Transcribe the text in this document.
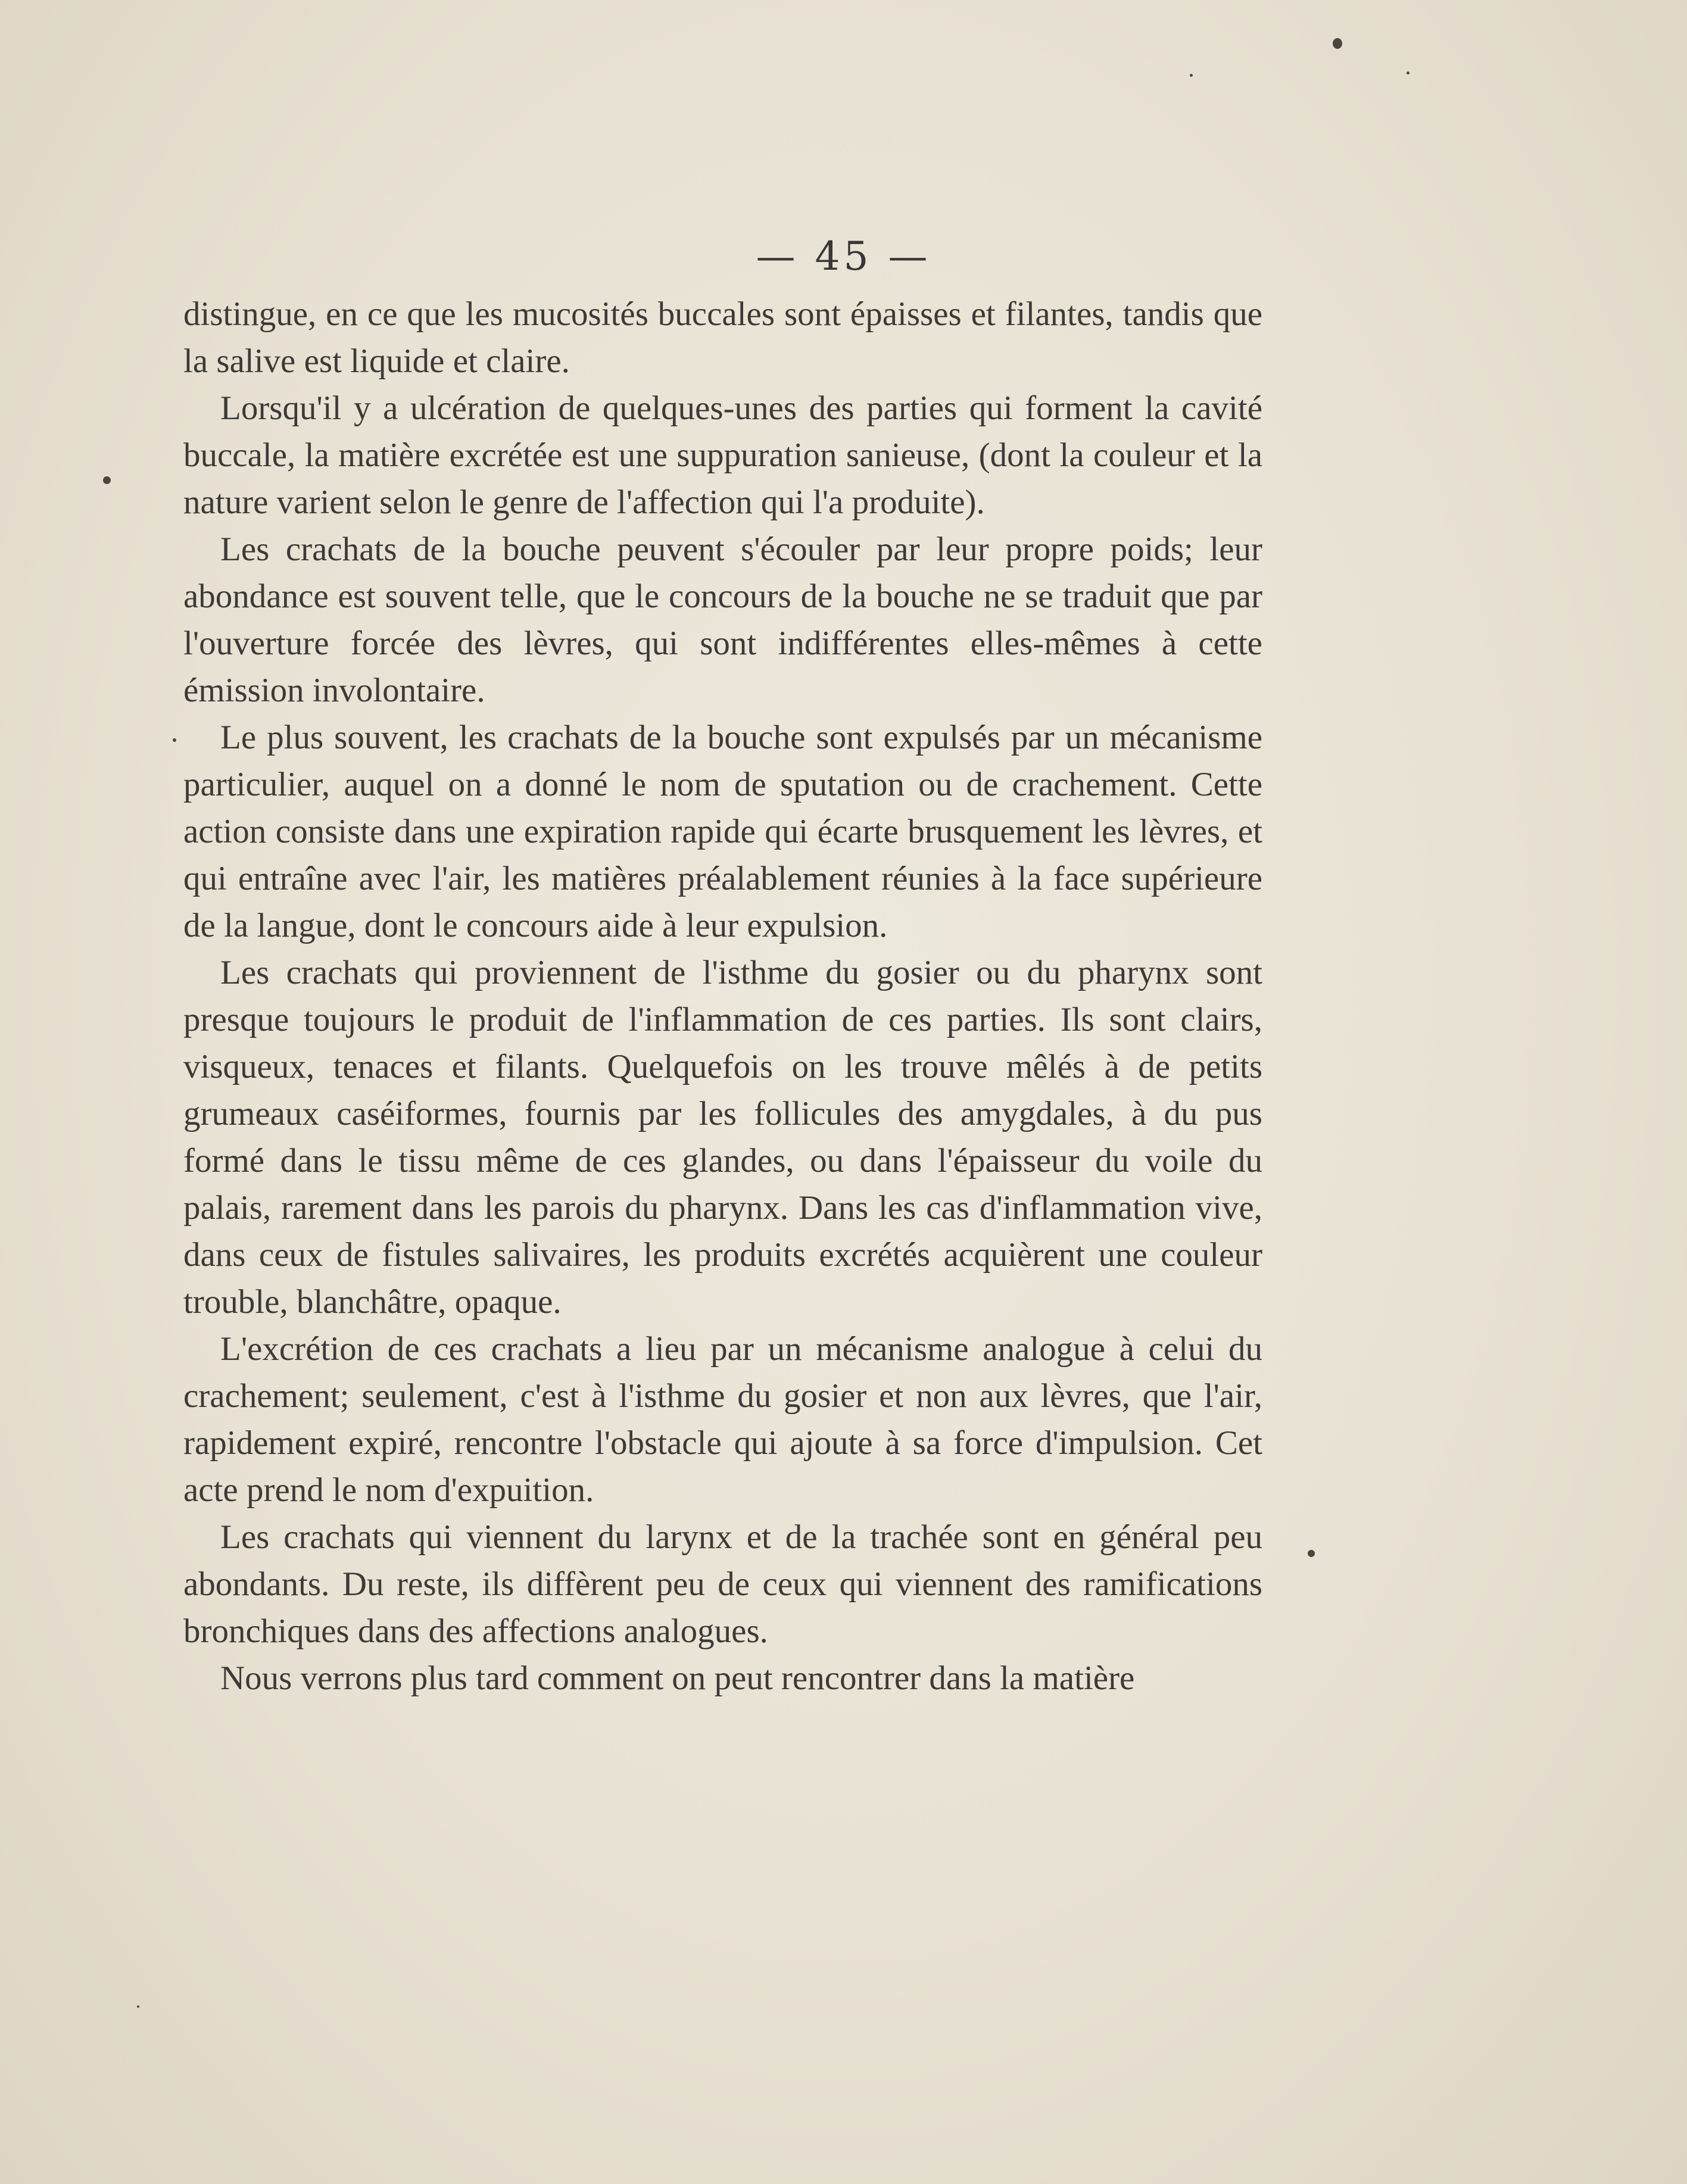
— 45 —

distingue, en ce que les mucosités buccales sont épaisses et filantes, tandis que la salive est liquide et claire.

Lorsqu'il y a ulcération de quelques-unes des parties qui forment la cavité buccale, la matière excrétée est une suppuration sanieuse, (dont la couleur et la nature varient selon le genre de l'affection qui l'a produite).

Les crachats de la bouche peuvent s'écouler par leur propre poids; leur abondance est souvent telle, que le concours de la bouche ne se traduit que par l'ouverture forcée des lèvres, qui sont indifférentes elles-mêmes à cette émission involontaire.

Le plus souvent, les crachats de la bouche sont expulsés par un mécanisme particulier, auquel on a donné le nom de sputation ou de crachement. Cette action consiste dans une expiration rapide qui écarte brusquement les lèvres, et qui entraîne avec l'air, les matières préalablement réunies à la face supérieure de la langue, dont le concours aide à leur expulsion.

Les crachats qui proviennent de l'isthme du gosier ou du pharynx sont presque toujours le produit de l'inflammation de ces parties. Ils sont clairs, visqueux, tenaces et filants. Quelquefois on les trouve mêlés à de petits grumeaux caséiformes, fournis par les follicules des amygdales, à du pus formé dans le tissu même de ces glandes, ou dans l'épaisseur du voile du palais, rarement dans les parois du pharynx. Dans les cas d'inflammation vive, dans ceux de fistules salivaires, les produits excrétés acquièrent une couleur trouble, blanchâtre, opaque.

L'excrétion de ces crachats a lieu par un mécanisme analogue à celui du crachement; seulement, c'est à l'isthme du gosier et non aux lèvres, que l'air, rapidement expiré, rencontre l'obstacle qui ajoute à sa force d'impulsion. Cet acte prend le nom d'expuition.

Les crachats qui viennent du larynx et de la trachée sont en général peu abondants. Du reste, ils diffèrent peu de ceux qui viennent des ramifications bronchiques dans des affections analogues.

Nous verrons plus tard comment on peut rencontrer dans la matière
